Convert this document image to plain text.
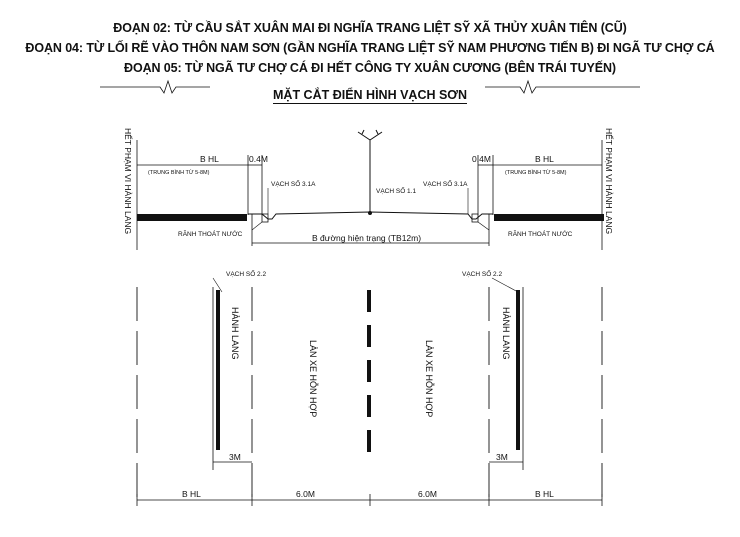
ĐOẠN 02: TỪ CẦU SẮT XUÂN MAI ĐI NGHĨA TRANG LIỆT SỸ XÃ THỦY XUÂN TIÊN (CŨ)
ĐOẠN 04: TỪ LỐI RẼ VÀO THÔN NAM SƠN (GẦN NGHĨA TRANG LIỆT SỸ NAM PHƯƠNG TIẾN B) ĐI NGÃ TƯ CHỢ CÁ
ĐOẠN 05: TỪ NGÃ TƯ CHỢ CÁ ĐI HẾT CÔNG TY XUÂN CƯƠNG (BÊN TRÁI TUYẾN)
MẶT CẮT ĐIỂN HÌNH VẠCH SƠN
HẾT PHẠM VI HÀNH LANG	HẾT PHẠM VI HÀNH LANG
B HL	B HL
(TRUNG BÌNH TỪ 5-8M)	(TRUNG BÌNH TỪ 5-8M)
0.4M	0.4M
VẠCH SỐ 3.1A	VẠCH SỐ 3.1A
VẠCH SỐ 1.1
RÃNH THOÁT NƯỚC	RÃNH THOÁT NƯỚC
B đường hiện trạng (TB12m)
VẠCH SỐ 2.2	VẠCH SỐ 2.2
HÀNH LANG	HÀNH LANG
LÀN XE HỖN HỢP	LÀN XE HỖN HỢP
3M	3M
B HL	6.0M	6.0M	B HL
